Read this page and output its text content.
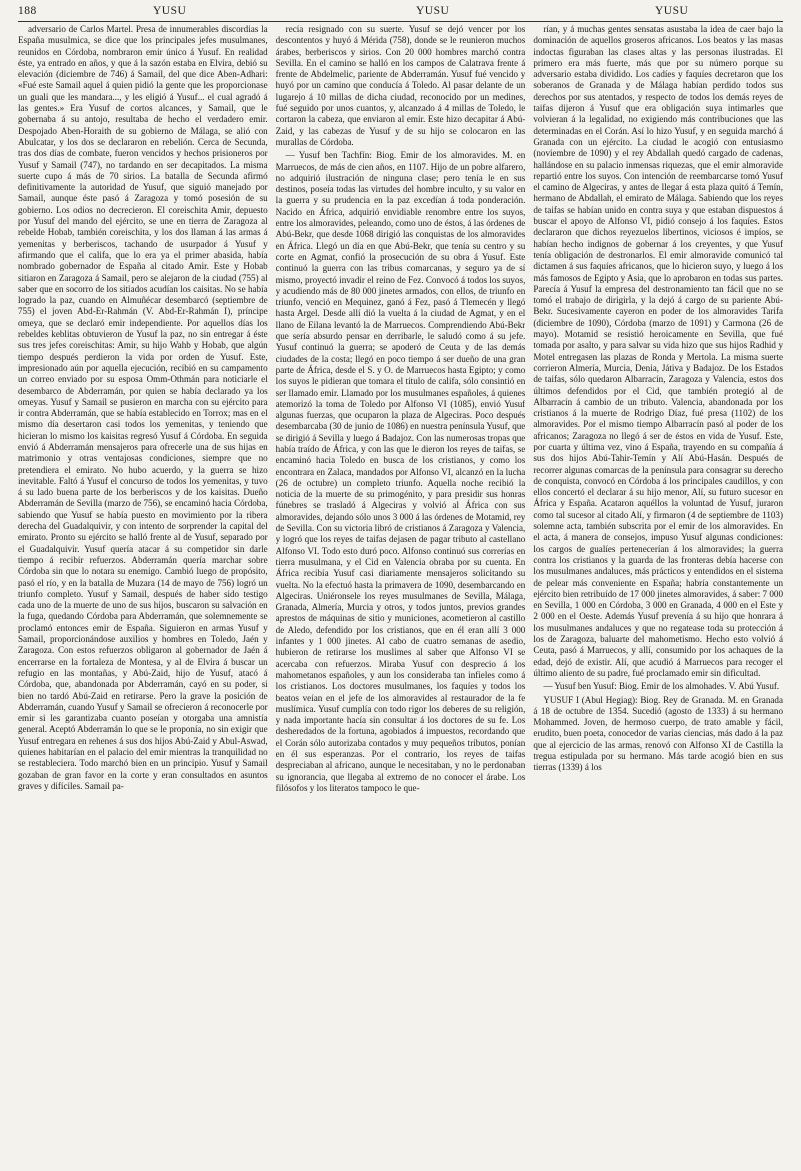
188	YUSU	YUSU	YUSU

adversario de Carlos Martel. Presa de innumerables discordias la España musulmica, se dice que los principales jefes musulmanes, reunidos en Córdoba, nombraron emir único á Yusuf. En realidad éste, ya entrado en años, y que á la sazón estaba en Elvira, debió su elevación (diciembre de 746) á Samail, del que dice Aben-Adhari: «Fué este Samail aquel á quien pidió la gente que les proporcionase un guali que les mandara..., y les eligió á Yusuf... el cual agradó á las gentes.» Era Yusuf de cortos alcances, y Samail, que le gobernaba á su antojo, resultaba de hecho el verdadero emir. Despojado Aben-Horaith de su gobierno de Málaga, se alió con Abulcatar, y los dos se declararon en rebelión. Cerca de Secunda, tras dos días de combate, fueron vencidos y hechos prisioneros por Yusuf y Samail (747), no tardando en ser decapitados. La misma suerte cupo á más de 70 sirios. La batalla de Secunda afirmó definitivamente la autoridad de Yusuf, que siguió manejado por Samail, aunque éste pasó á Zaragoza y tomó posesión de su gobierno. Los odios no decrecieron. El coreischita Amir, depuesto por Yusuf del mando del ejército, se une en tierra de Zaragoza al rebelde Hobab, también coreischita, y los dos llaman á las armas á yemenitas y berberiscos, tachando de usurpador á Yusuf y afirmando que el califa, que lo era ya el primer abasida, había nombrado gobernador de España al citado Amir. Este y Hobab sitiaron en Zaragoza á Samail, pero se alejaron de la ciudad (755) al saber que en socorro de los sitiados acudían los caisitas. No se había logrado la paz, cuando en Almuñécar desembarcó (septiembre de 755) el joven Abd-Er-Rahmán (V. Abd-Er-Rahmán I), príncipe omeya, que se declaró emir independiente. Por aquellos días los rebeldes keblitas obtuvieron de Yusuf la paz, no sin entregar á éste sus tres jefes coreischitas: Amir, su hijo Wahb y Hobab, que algún tiempo después perdieron la vida por orden de Yusuf. Este, impresionado aún por aquella ejecución, recibió en su campamento un correo enviado por su esposa Omm-Othmán para noticiarle el desembarco de Abderramán, por quien se había declarado ya los omeyas. Yusuf y Samail se pusieron en marcha con su ejército para ir contra Abderramán, que se había establecido en Torrox; mas en el mismo día desertaron casi todos los yemenitas, y teniendo que hicieran lo mismo los kaisitas regresó Yusuf á Córdoba. En seguida envió á Abderramán mensajeros para ofrecerle una de sus hijas en matrimonio y otras ventajosas condiciones, siempre que no pretendiera el emirato. No hubo acuerdo, y la guerra se hizo inevitable. Faltó á Yusuf el concurso de todos los yemenitas, y tuvo á su lado buena parte de los berberiscos y de los kaisitas. Dueño Abderramán de Sevilla (marzo de 756), se encaminó hacia Córdoba, sabiendo que Yusuf se había puesto en movimiento por la ribera derecha del Guadalquivir, y con intento de sorprender la capital del emirato. Pronto su ejército se halló frente al de Yusuf, separado por el Guadalquivir. Yusuf quería atacar á su competidor sin darle tiempo á recibir refuerzos. Abderramán quería marchar sobre Córdoba sin que lo notara su enemigo. Cambió luego de propósito, pasó el río, y en la batalla de Muzara (14 de mayo de 756) logró un triunfo completo. Yusuf y Samail, después de haber sido testigo cada uno de la muerte de uno de sus hijos, buscaron su salvación en la fuga, quedando Córdoba para Abderramán, que solemnemente se proclamó entonces emir de España. Siguieron en armas Yusuf y Samail, proporcionándose auxilios y hombres en Toledo, Jaén y Zaragoza. Con estos refuerzos obligaron al gobernador de Jaén á encerrarse en la fortaleza de Montesa, y al de Elvira á buscar un refugio en las montañas, y Abú-Zaid, hijo de Yusuf, atacó á Córdoba, que, abandonada por Abderramán, cayó en su poder, si bien no tardó Abú-Zaid en retirarse. Pero la grave la posición de Abderramán, cuando Yusuf y Samail se ofrecieron á reconocerle por emir si les garantizaba cuanto poseían y otorgaba una amnistía general. Aceptó Abderramán lo que se le proponía, no sin exigir que Yusuf entregara en rehenes á sus dos hijos Abú-Zaid y Abul-Aswad, quienes habitarían en el palacio del emir mientras la tranquilidad no se restableciera. Todo marchó bien en un principio. Yusuf y Samail gozaban de gran favor en la corte y eran consultados en asuntos graves y difíciles. Samail pa-

recía resignado con su suerte. Yusuf se dejó vencer por los descontentos y huyó á Mérida (758), donde se le reunieron muchos árabes, berberiscos y sirios. Con 20 000 hombres marchó contra Sevilla. En el camino se halló en los campos de Calatrava frente á frente de Abdelmelic, pariente de Abderramán. Yusuf fué vencido y huyó por un camino que conducía á Toledo. Al pasar delante de un lugarejo á 10 millas de dicha ciudad, reconocido por un medines, fué seguido por unos cuantos, y, alcanzado á 4 millas de Toledo, le cortaron la cabeza, que enviaron al emir. Este hizo decapitar á Abú-Zaid, y las cabezas de Yusuf y de su hijo se colocaron en las murallas de Córdoba.

— Yusuf ben Tachfín: Biog. Emir de los almoravides. M. en Marruecos, de más de cien años, en 1107. Hijo de un pobre alfarero, no adquirió ilustración de ninguna clase; pero tenía le en sus destinos, poseía todas las virtudes del hombre inculto, y su valor en la guerra y su prudencia en la paz excedían á toda ponderación. Nacido en África, adquirió envidiable renombre entre los suyos, entre los almoravides, peleando, como uno de éstos, á las órdenes de Abú-Bekr, que desde 1068 dirigió las conquistas de los almoravides en África. Llegó un día en que Abú-Bekr, que tenía su centro y su corte en Agmat, confió la prosecución de su obra á Yusuf. Este continuó la guerra con las tribus comarcanas, y seguro ya de sí mismo, proyectó invadir el reino de Fez. Convocó á todos los suyos, y acudiendo más de 80 000 jinetes armados, con ellos, de triunfo en triunfo, venció en Mequinez, ganó á Fez, pasó á Tlemecén y llegó hasta Argel. Desde allí dió la vuelta á la ciudad de Agmat, y en el llano de Eilana levantó la de Marruecos. Comprendiendo Abú-Bekr que sería absurdo pensar en derribarle, le saludó como á su jefe. Yusuf continuó la guerra; se apoderó de Ceuta y de las demás ciudades de la costa; llegó en poco tiempo á ser dueño de una gran parte de África, desde el S. y O. de Marruecos hasta Egipto; y como los suyos le pidieran que tomara el título de califa, sólo consintió en ser llamado emir. Llamado por los musulmanes españoles, á quienes atemorizó la toma de Toledo por Alfonso VI (1085), envió Yusuf algunas fuerzas, que ocuparon la plaza de Algeciras. Poco después desembarcaba (30 de junio de 1086) en nuestra península Yusuf, que se dirigió á Sevilla y luego á Badajoz. Con las numerosas tropas que había traído de África, y con las que le dieron los reyes de taifas, se encaminó hacia Toledo en busca de los cristianos, y como los encontrara en Zalaca, mandados por Alfonso VI, alcanzó en la lucha (26 de octubre) un completo triunfo. Aquella noche recibió la noticia de la muerte de su primogénito, y para presidir sus honras fúnebres se trasladó á Algeciras y volvió al África con sus almoravides, dejando sólo unos 3 000 á las órdenes de Motamid, rey de Sevilla. Con su victoria libró de cristianos á Zaragoza y Valencia, y logró que los reyes de taifas dejasen de pagar tributo al castellano Alfonso VI. Todo esto duró poco. Alfonso continuó sus correrías en tierra musulmana, y el Cid en Valencia obraba por su cuenta. En África recibía Yusuf casi diariamente mensajeros solicitando su vuelta. No la efectuó hasta la primavera de 1090, desembarcando en Algeciras. Uniéronsele los reyes musulmanes de Sevilla, Málaga, Granada, Almería, Murcia y otros, y todos juntos, previos grandes aprestos de máquinas de sitio y municiones, acometieron al castillo de Aledo, defendido por los cristianos, que en él eran allí 3 000 infantes y 1 000 jinetes. Al cabo de cuatro semanas de asedio, hubieron de retirarse los muslimes al saber que Alfonso VI se acercaba con refuerzos. Miraba Yusuf con desprecio á los mahometanos españoles, y aun los consideraba tan infieles como á los cristianos. Los doctores musulmanes, los faquíes y todos los beatos veían en el jefe de los almoravides al restaurador de la fe muslímica. Yusuf cumplía con todo rigor los deberes de su religión, y nada importante hacía sin consultar á los doctores de su fe. Los desheredados de la fortuna, agobiados á impuestos, recordando que el Corán sólo autorizaba contados y muy pequeños tributos, ponían en él sus esperanzas. Por el contrario, los reyes de taifas despreciaban al africano, aunque le necesitaban, y no le perdonaban su ignorancia, que llegaba al extremo de no conocer el árabe. Los filósofos y los literatos tampoco le que-

rían, y á muchas gentes sensatas asustaba la idea de caer bajo la dominación de aquellos groseros africanos. Los beatos y las masas indoctas figuraban las clases altas y las personas ilustradas. El primero era más fuerte, más que por su número porque su adversario estaba dividido. Los cadíes y faquíes decretaron que los soberanos de Granada y de Málaga habían perdido todos sus derechos por sus atentados, y respecto de todos los demás reyes de taifas dijeron á Yusuf que era obligación suya intimarles que volvieran á la legalidad, no exigiendo más contribuciones que las determinadas en el Corán. Así lo hizo Yusuf, y en seguida marchó á Granada con un ejército. La ciudad le acogió con entusiasmo (noviembre de 1090) y el rey Abdallah quedó cargado de cadenas, hallándose en su palacio inmensas riquezas, que el emir almoravide repartió entre los suyos. Con intención de reembarcarse tomó Yusuf el camino de Algeciras, y antes de llegar á esta plaza quitó á Temín, hermano de Abdallah, el emirato de Málaga. Sabiendo que los reyes de taifas se habían unido en contra suya y que estaban dispuestos á buscar el apoyo de Alfonso VI, pidió consejo á los faquíes. Estos declararon que dichos reyezuelos libertinos, viciosos é impíos, se habían hecho indignos de gobernar á los creyentes, y que Yusuf tenía obligación de destronarlos. El emir almoravide comunicó tal dictamen á sus faquíes africanos, que lo hicieron suyo, y luego á los más famosos de Egipto y Asia, que lo aprobaron en todas sus partes. Parecía á Yusuf la empresa del destronamiento tan fácil que no se tomó el trabajo de dirigirla, y la dejó á cargo de su pariente Abú-Bekr. Sucesivamente cayeron en poder de los almoravides Tarifa (diciembre de 1090), Córdoba (marzo de 1091) y Carmona (26 de mayo). Motamid se resistió heroicamente en Sevilla, que fué tomada por asalto, y para salvar su vida hizo que sus hijos Radhid y Motel entregasen las plazas de Ronda y Mertola. La misma suerte corrieron Almería, Murcia, Denia, Játiva y Badajoz. De los Estados de taifas, sólo quedaron Albarracín, Zaragoza y Valencia, estos dos últimos defendidos por el Cid, que también protegió al de Albarracín á cambio de un tributo. Valencia, abandonada por los cristianos á la muerte de Rodrigo Díaz, fué presa (1102) de los almoravides. Por el mismo tiempo Albarracín pasó al poder de los africanos; Zaragoza no llegó á ser de éstos en vida de Yusuf. Este, por cuarta y última vez, vino á España, trayendo en su compañía á sus dos hijos Abú-Tahir-Temín y Alí Abú-Hasán. Después de recorrer algunas comarcas de la península para consagrar su derecho de conquista, convocó en Córdoba á los principales caudillos, y con ellos concertó el declarar á su hijo menor, Alí, su futuro sucesor en África y España. Acataron aquéllos la voluntad de Yusuf, juraron como tal sucesor al citado Alí, y firmaron (4 de septiembre de 1103) solemne acta, también subscrita por el emir de los almoravides. En el acta, á manera de consejos, impuso Yusuf algunas condiciones: los cargos de gualíes pertenecerían á los almoravides; la guerra contra los cristianos y la guarda de las fronteras debía hacerse con los musulmanes andaluces, más prácticos y entendidos en el sistema de pelear más conveniente en España; habría constantemente un ejército bien retribuído de 17 000 jinetes almoravides, á saber: 7 000 en Sevilla, 1 000 en Córdoba, 3 000 en Granada, 4 000 en el Este y 2 000 en el Oeste. Además Yusuf prevenía á su hijo que honrara á los musulmanes andaluces y que no regatease toda su protección á los de Zaragoza, baluarte del mahometismo. Hecho esto volvió á Ceuta, pasó á Marruecos, y allí, consumido por los achaques de la edad, dejó de existir. Alí, que acudió á Marruecos para recoger el último aliento de su padre, fué proclamado emir sin dificultad.

— Yusuf ben Yusuf: Biog. Emir de los almohades. V. Abú Yusuf.

YUSUF I (Abul Hegiag): Biog. Rey de Granada. M. en Granada á 18 de octubre de 1354. Sucedió (agosto de 1333) á su hermano Mohammed. Joven, de hermoso cuerpo, de trato amable y fácil, erudito, buen poeta, conocedor de varias ciencias, más dado á la paz que al ejercicio de las armas, renovó con Alfonso XI de Castilla la tregua estipulada por su hermano. Más tarde acogió bien en sus tierras (1339) á los
